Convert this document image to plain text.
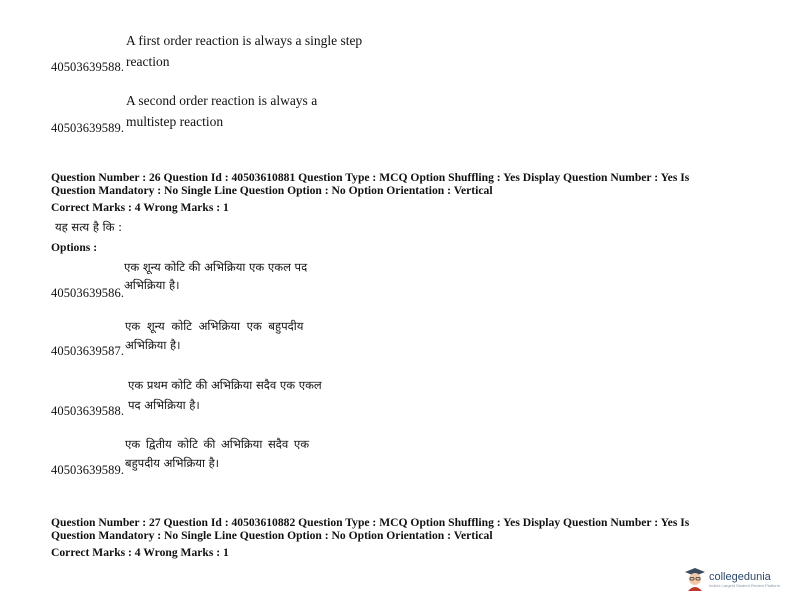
A first order reaction is always a single step reaction
40503639588.
A second order reaction is always a multistep reaction
40503639589.
Question Number : 26 Question Id : 40503610881 Question Type : MCQ Option Shuffling : Yes Display Question Number : Yes Is
Question Mandatory : No Single Line Question Option : No Option Orientation : Vertical
Correct Marks : 4 Wrong Marks : 1
यह सत्य है कि :
Options :
एक शून्य कोटि की अभिक्रिया एक एकल पद
अभिक्रिया है।
40503639586.
एक शून्य कोटि अभिक्रिया एक बहुपदीय
अभिक्रिया है।
40503639587.
एक प्रथम कोटि की अभिक्रिया सदैव एक एकल
पद अभिक्रिया है।
40503639588.
एक द्वितीय कोटि की अभिक्रिया सदैव एक
बहुपदीय अभिक्रिया है।
40503639589.
Question Number : 27 Question Id : 40503610882 Question Type : MCQ Option Shuffling : Yes Display Question Number : Yes Is
Question Mandatory : No Single Line Question Option : No Option Orientation : Vertical
Correct Marks : 4 Wrong Marks : 1
collegedunia
India's Largest Student Review Platform
